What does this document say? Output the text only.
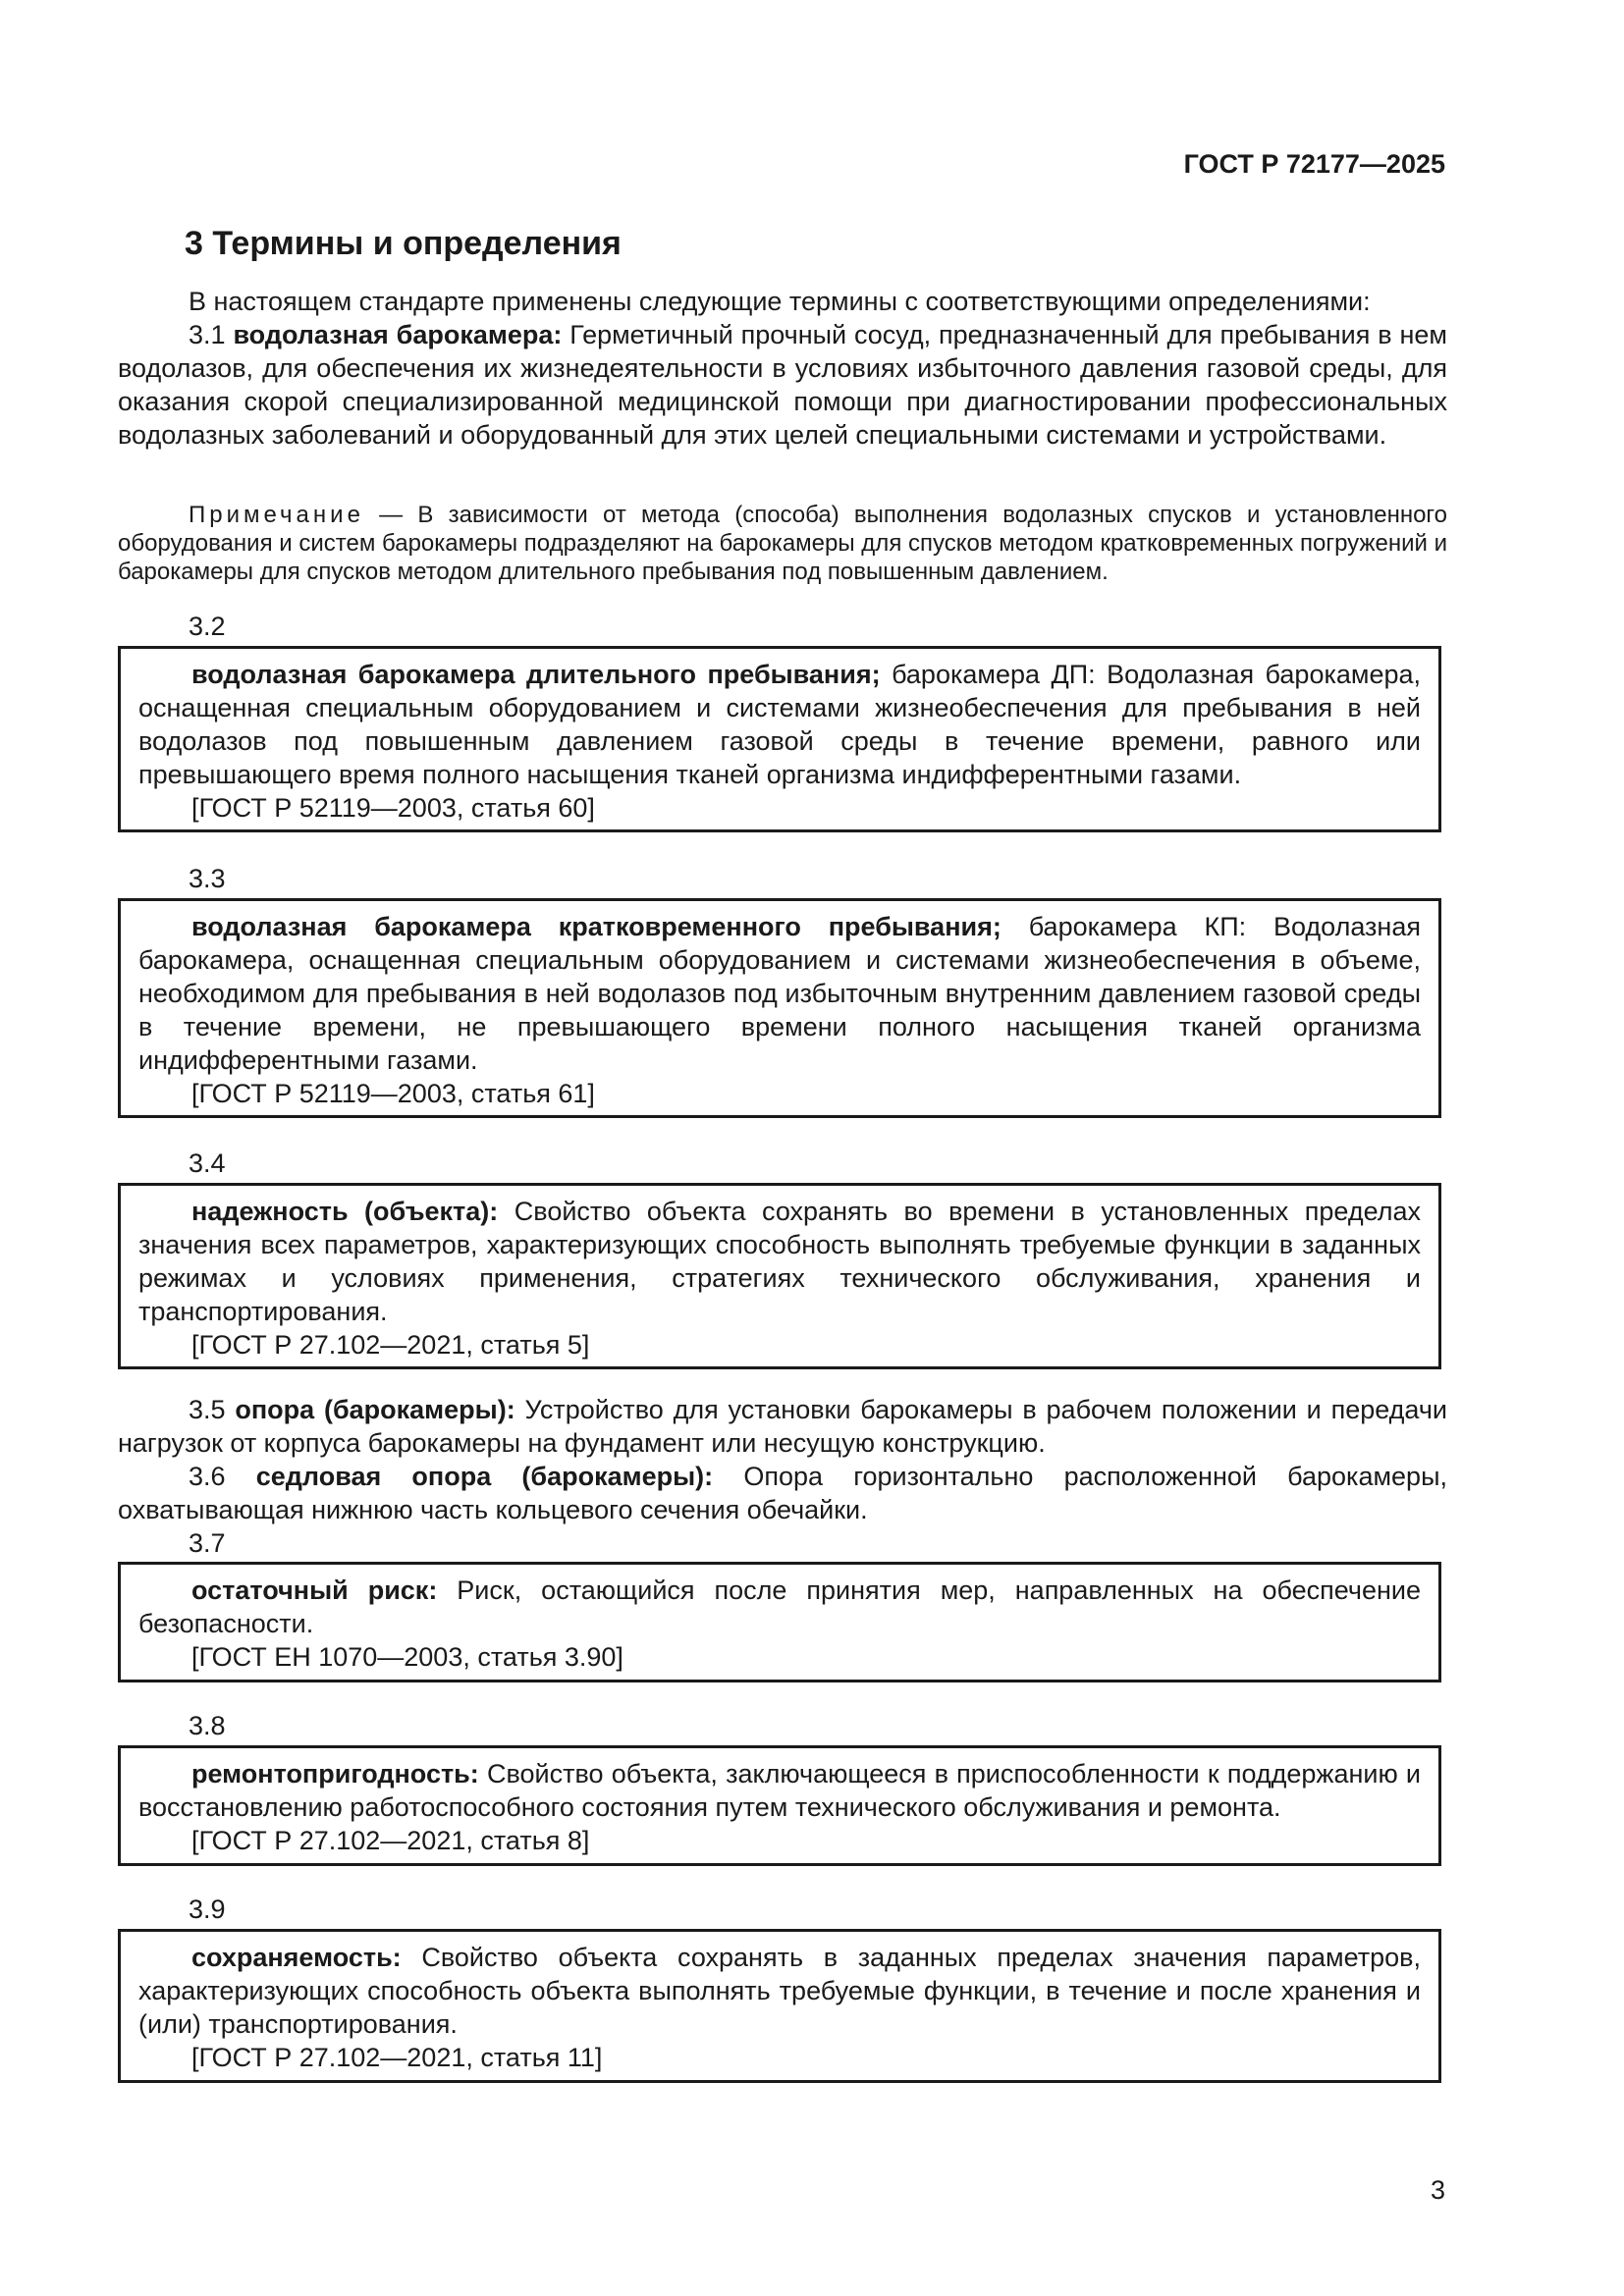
ГОСТ Р 72177—2025
3 Термины и определения

В настоящем стандарте применены следующие термины с соответствующими определениями:

3.1 водолазная барокамера: Герметичный прочный сосуд, предназначенный для пребывания в нем водолазов, для обеспечения их жизнедеятельности в условиях избыточного давления газовой среды, для оказания скорой специализированной медицинской помощи при диагностировании профессиональных водолазных заболеваний и оборудованный для этих целей специальными системами и устройствами.

Примечание — В зависимости от метода (способа) выполнения водолазных спусков и установленного оборудования и систем барокамеры подразделяют на барокамеры для спусков методом кратковременных погружений и барокамеры для спусков методом длительного пребывания под повышенным давлением.

3.2

водолазная барокамера длительного пребывания; барокамера ДП: Водолазная барокамера, оснащенная специальным оборудованием и системами жизнеобеспечения для пребывания в ней водолазов под повышенным давлением газовой среды в течение времени, равного или превышающего время полного насыщения тканей организма индифферентными газами.

[ГОСТ Р 52119—2003, статья 60]

3.3

водолазная барокамера кратковременного пребывания; барокамера КП: Водолазная барокамера, оснащенная специальным оборудованием и системами жизнеобеспечения в объеме, необходимом для пребывания в ней водолазов под избыточным внутренним давлением газовой среды в течение времени, не превышающего времени полного насыщения тканей организма индифферентными газами.

[ГОСТ Р 52119—2003, статья 61]

3.4

надежность (объекта): Свойство объекта сохранять во времени в установленных пределах значения всех параметров, характеризующих способность выполнять требуемые функции в заданных режимах и условиях применения, стратегиях технического обслуживания, хранения и транспортирования.

[ГОСТ Р 27.102—2021, статья 5]

3.5 опора (барокамеры): Устройство для установки барокамеры в рабочем положении и передачи нагрузок от корпуса барокамеры на фундамент или несущую конструкцию.

3.6 седловая опора (барокамеры): Опора горизонтально расположенной барокамеры, охватывающая нижнюю часть кольцевого сечения обечайки.

3.7

остаточный риск: Риск, остающийся после принятия мер, направленных на обеспечение безопасности.

[ГОСТ ЕН 1070—2003, статья 3.90]

3.8

ремонтопригодность: Свойство объекта, заключающееся в приспособленности к поддержанию и восстановлению работоспособного состояния путем технического обслуживания и ремонта.

[ГОСТ Р 27.102—2021, статья 8]

3.9

сохраняемость: Свойство объекта сохранять в заданных пределах значения параметров, характеризующих способность объекта выполнять требуемые функции, в течение и после хранения и (или) транспортирования.

[ГОСТ Р 27.102—2021, статья 11]

3
